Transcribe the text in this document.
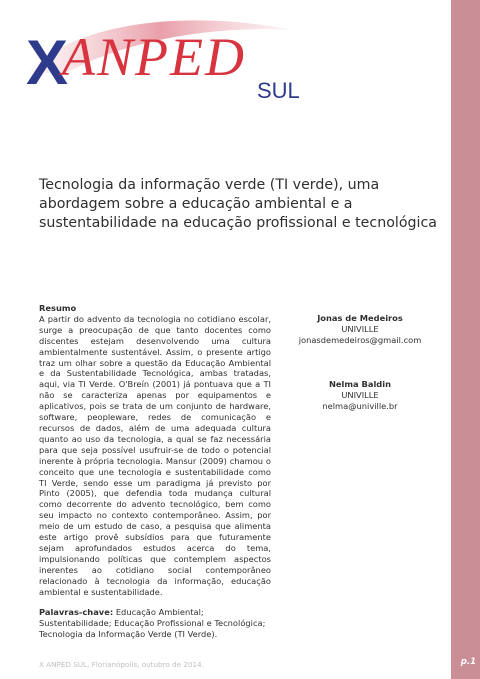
p.1
X
ANPED
SUL
Tecnologia da informação verde (TI verde), uma abordagem sobre a educação ambiental e a sustentabilidade na educação profissional e tecnológica

Resumo

A partir do advento da tecnologia no cotidiano escolar, surge a preocupação de que tanto docentes como discentes estejam desenvolvendo uma cultura ambientalmente sustentável. Assim, o presente artigo traz um olhar sobre a questão da Educação Ambiental e da Sustentabilidade Tecnológica, ambas tratadas, aqui, via TI Verde. O'Breín (2001) já pontuava que a TI não se caracteriza apenas por equipamentos e aplicativos, pois se trata de um conjunto de hardware, software, peopleware, redes de comunicação e recursos de dados, além de uma adequada cultura quanto ao uso da tecnologia, a qual se faz necessária para que seja possível usufruir-se de todo o potencial inerente à própria tecnologia. Mansur (2009) chamou o conceito que une tecnologia e sustentabilidade como TI Verde, sendo esse um paradigma já previsto por Pinto (2005), que defendia toda mudança cultural como decorrente do advento tecnológico, bem como seu impacto no contexto contemporâneo. Assim, por meio de um estudo de caso, a pesquisa que alimenta este artigo provê subsídios para que futuramente sejam aprofundados estudos acerca do tema, impulsionando políticas que contemplem aspectos inerentes ao cotidiano social contemporâneo relacionado à tecnologia da informação, educação ambiental e sustentabilidade.

Palavras-chave: Educação Ambiental; Sustentabilidade; Educação Profissional e Tecnológica; Tecnologia da Informação Verde (TI Verde).

Jonas de Medeiros
UNIVILLE
jonasdemedeiros@gmail.com
Nelma Baldin
UNIVILLE
nelma@univille.br
X ANPED SUL, Florianópolis, outubro de 2014.
